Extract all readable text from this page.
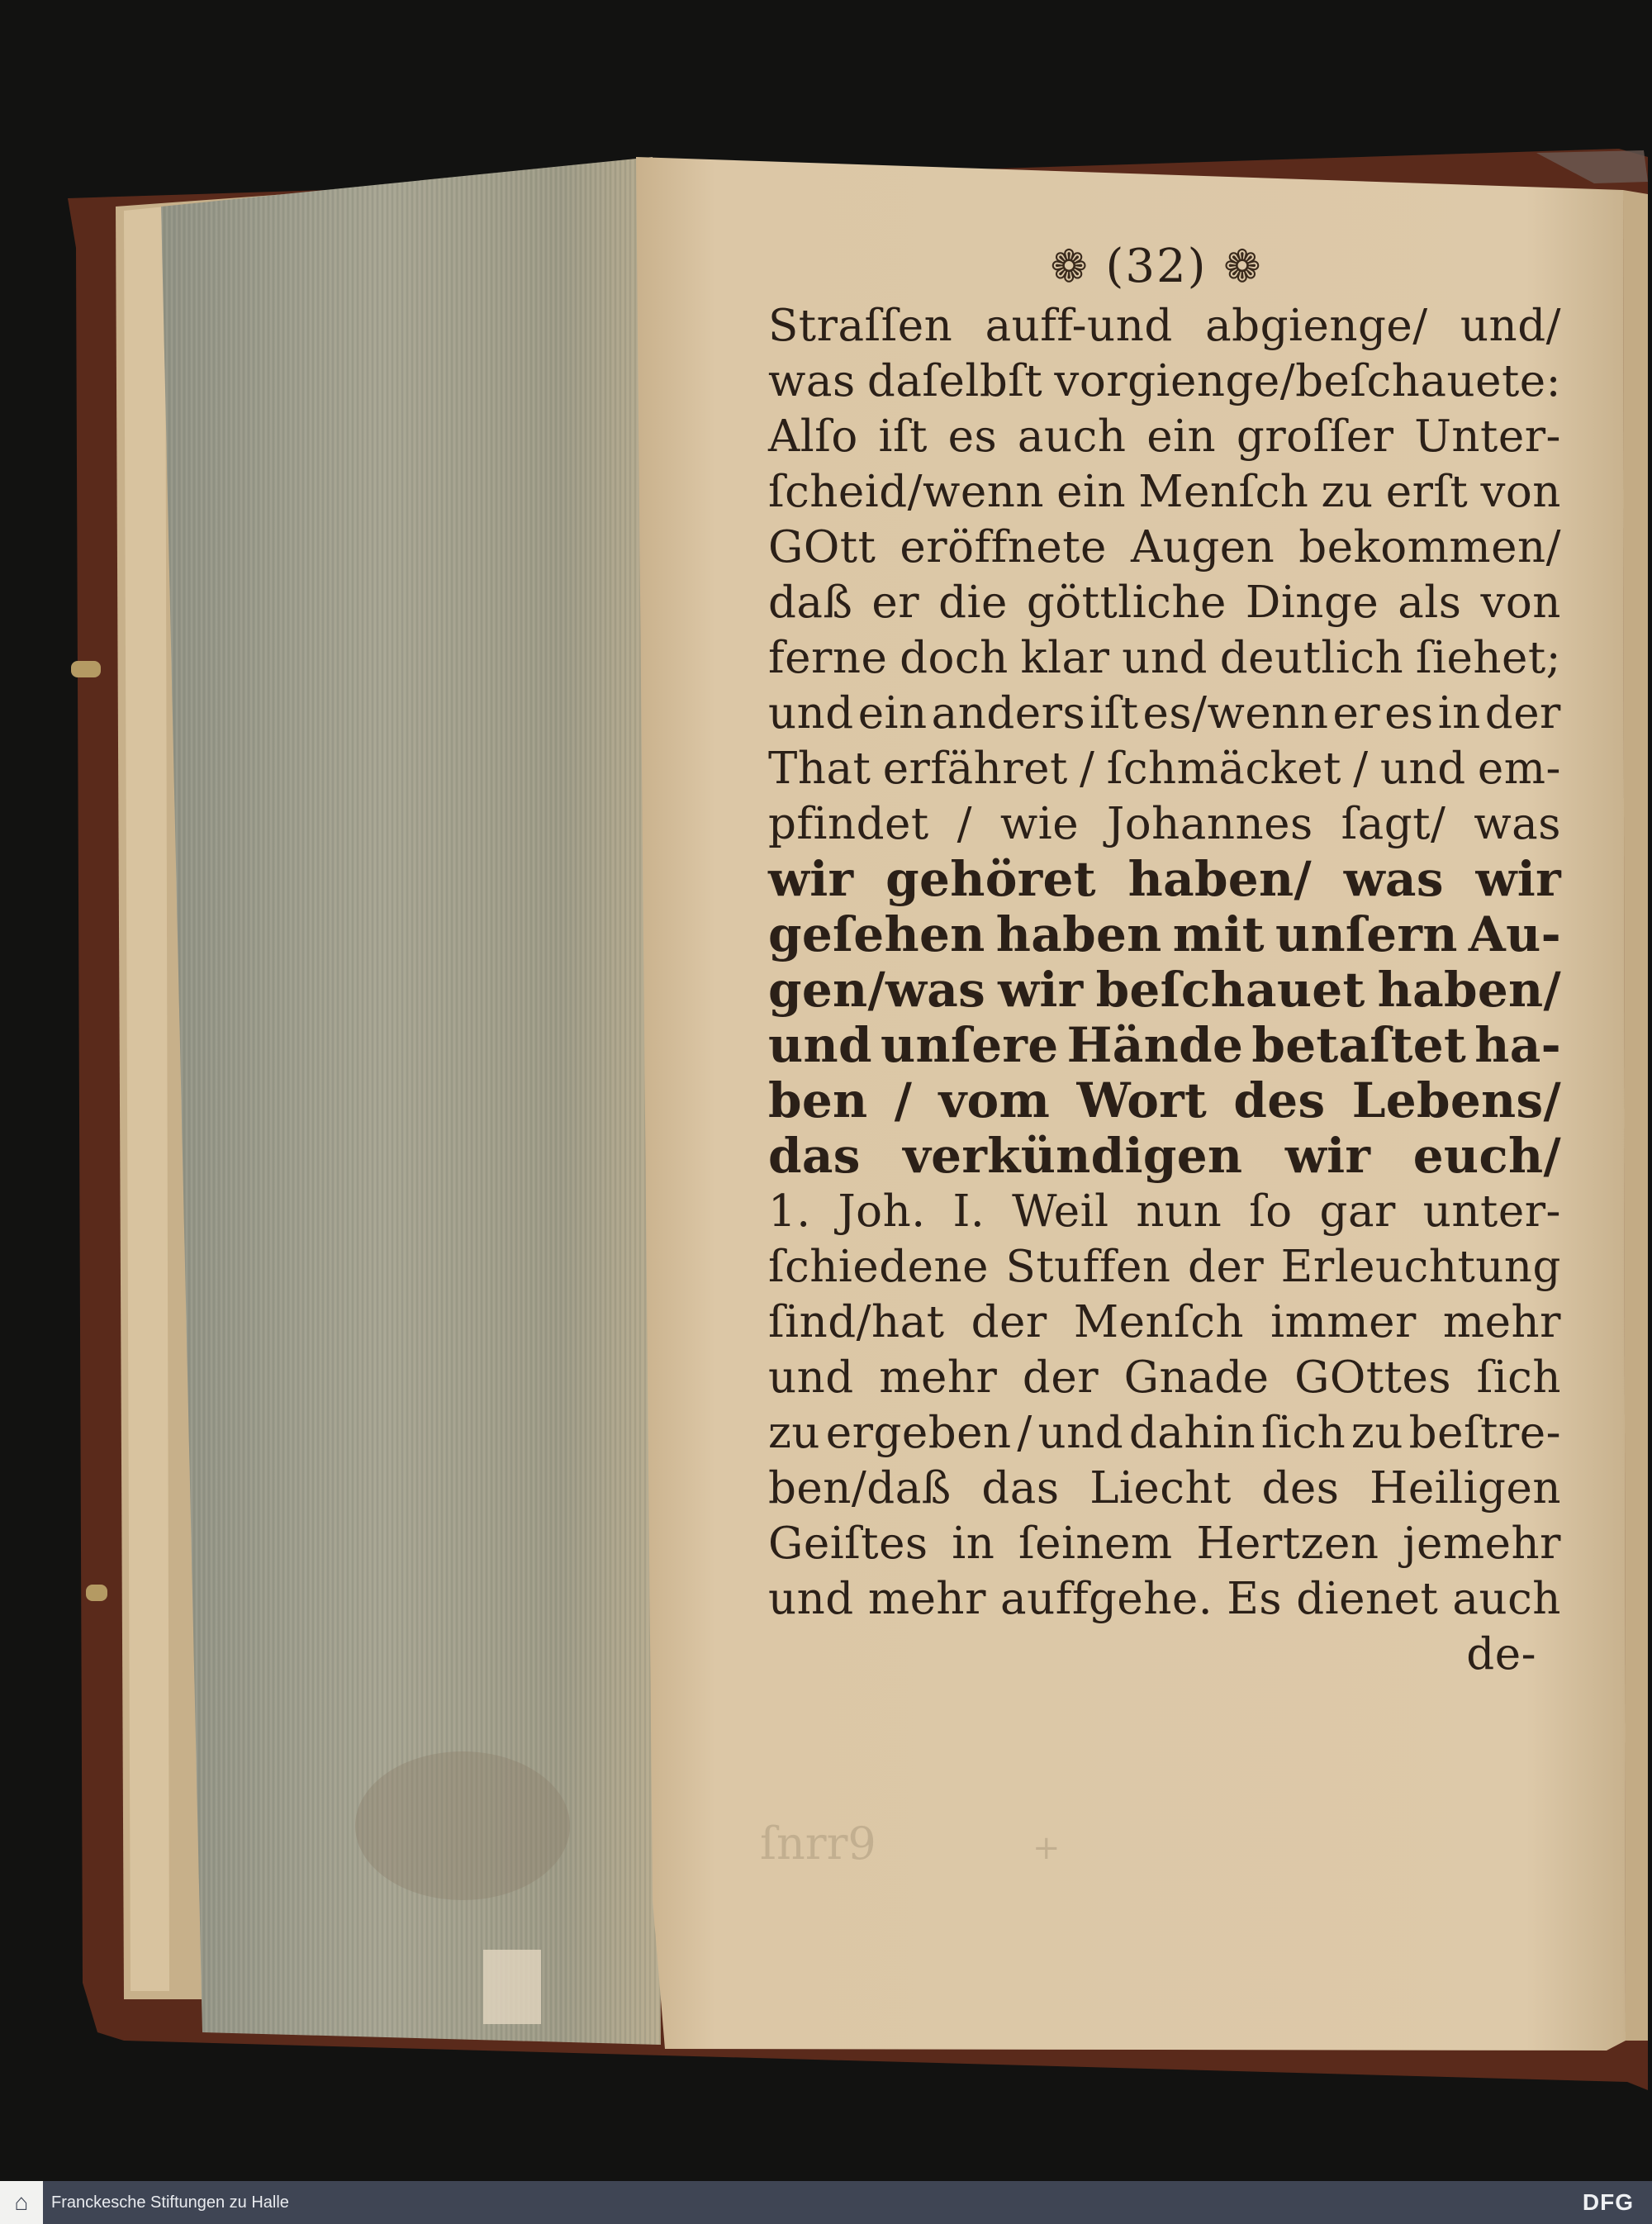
ſnrr9	+
❁ (32) ❁
Straſſen auff-und abgienge/ und/
was daſelbſt vorgienge/beſchauete:
Alſo iſt es auch ein groſſer Unter-
ſcheid/wenn ein Menſch zu erſt von
GOtt eröffnete Augen bekommen/
daß er die göttliche Dinge als von
ferne doch klar und deutlich ſiehet;
und ein anders iſt es/wenn er es in der
That erfähret / ſchmäcket / und em-
pfindet / wie Johannes ſagt/ was
wir gehöret haben/ was wir
geſehen haben mit unſern Au-
gen/was wir beſchauet haben/
und unſere Hände betaſtet ha-
ben / vom Wort des Lebens/
das verkündigen wir euch/
1. Joh. I. Weil nun ſo gar unter-
ſchiedene Stuffen der Erleuchtung
ſind/hat der Menſch immer mehr
und mehr der Gnade GOttes ſich
zu ergeben / und dahin ſich zu beſtre-
ben/daß das Liecht des Heiligen
Geiſtes in ſeinem Hertzen jemehr
und mehr auffgehe. Es dienet auch
de-
⌂	Franckesche Stiftungen zu Halle	DFG
